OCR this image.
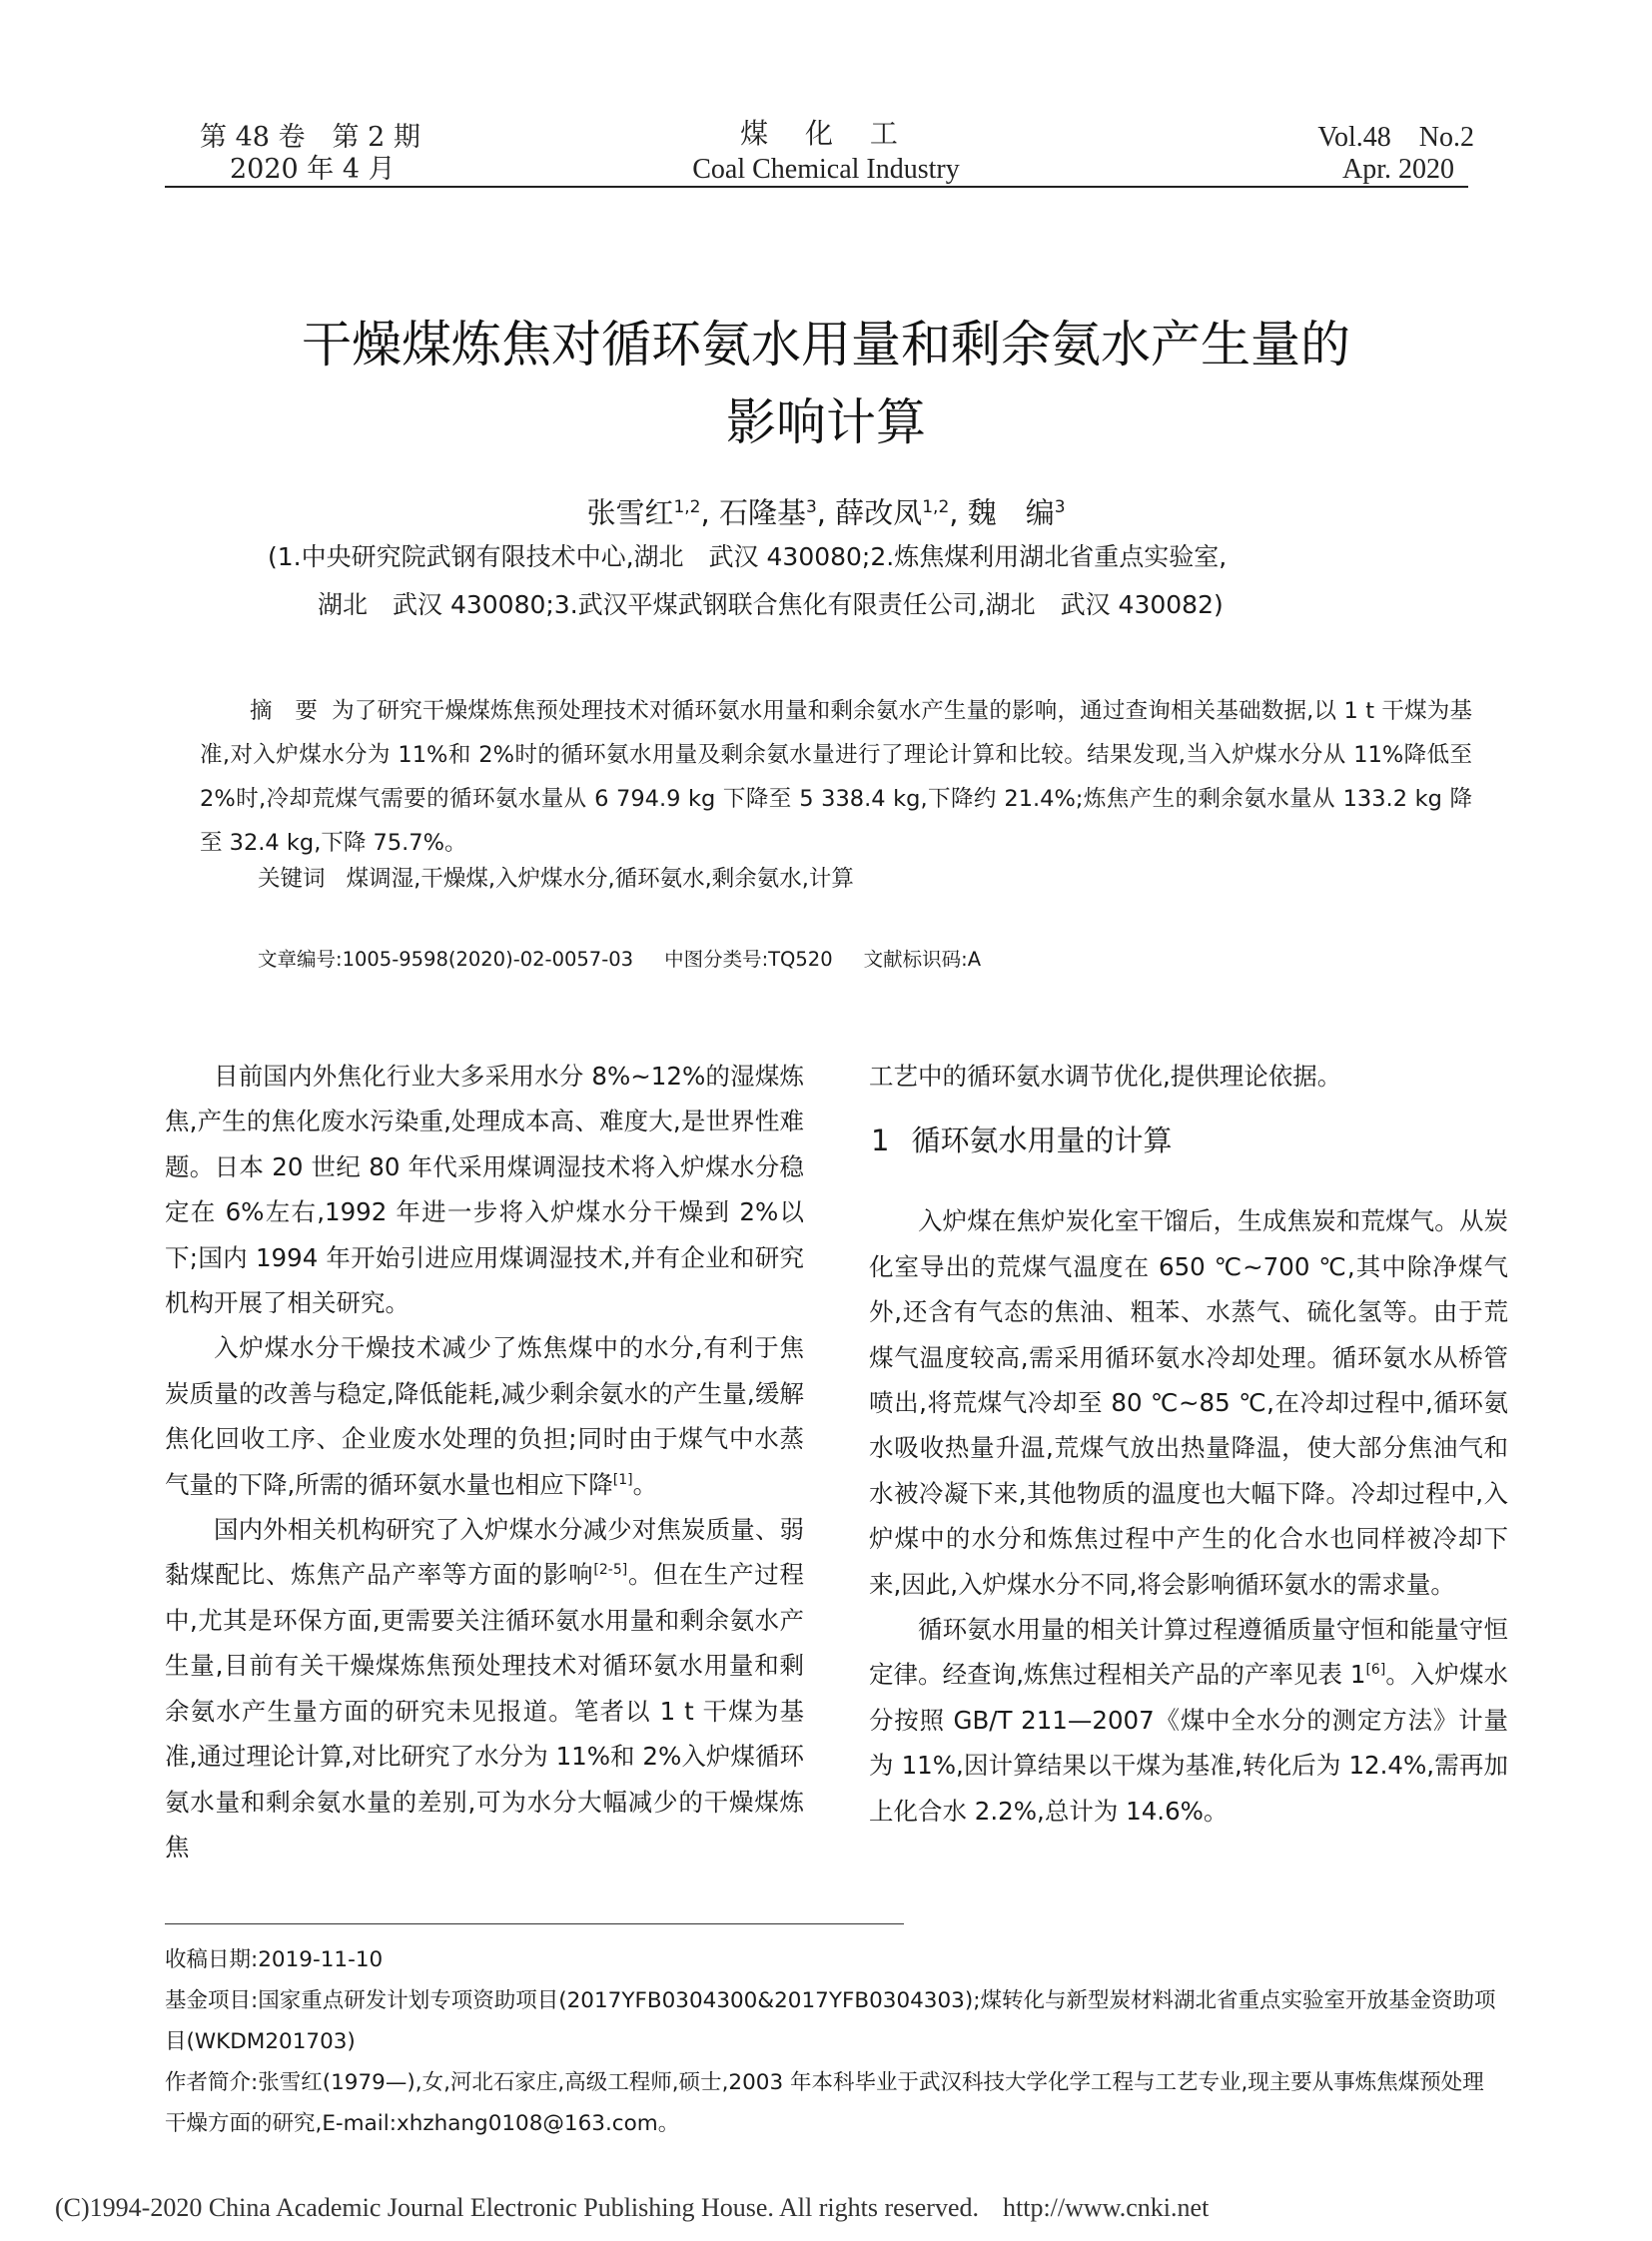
第 48 卷　第 2 期
2020 年 4 月
煤 化 工
Coal Chemical Industry
Vol.48　No.2
Apr. 2020
干燥煤炼焦对循环氨水用量和剩余氨水产生量的
影响计算
张雪红$^{1,2}$, 石隆基$^3$, 薛改凤$^{1,2}$, 魏　编$^3$
(1.中央研究院武钢有限技术中心,湖北　武汉 430080;2.炼焦煤利用湖北省重点实验室,
湖北　武汉 430080;3.武汉平煤武钢联合焦化有限责任公司,湖北　武汉 430082)

摘　要 为了研究干燥煤炼焦预处理技术对循环氨水用量和剩余氨水产生量的影响，通过查询相关基础数据,以 1 t 干煤为基准,对入炉煤水分为 11%和 2%时的循环氨水用量及剩余氨水量进行了理论计算和比较。结果发现,当入炉煤水分从 11%降低至 2%时,冷却荒煤气需要的循环氨水量从 6 794.9 kg 下降至 5 338.4 kg,下降约 21.4%;炼焦产生的剩余氨水量从 133.2 kg 降至 32.4 kg,下降 75.7%。

关键词 煤调湿,干燥煤,入炉煤水分,循环氨水,剩余氨水,计算
文章编号:1005-9598(2020)-02-0057-03 中图分类号:TQ520 文献标识码:A

目前国内外焦化行业大多采用水分 8%~12%的湿煤炼焦,产生的焦化废水污染重,处理成本高、难度大,是世界性难题。日本 20 世纪 80 年代采用煤调湿技术将入炉煤水分稳定在 6%左右,1992 年进一步将入炉煤水分干燥到 2%以下;国内 1994 年开始引进应用煤调湿技术,并有企业和研究机构开展了相关研究。

入炉煤水分干燥技术减少了炼焦煤中的水分,有利于焦炭质量的改善与稳定,降低能耗,减少剩余氨水的产生量,缓解焦化回收工序、企业废水处理的负担;同时由于煤气中水蒸气量的下降,所需的循环氨水量也相应下降[1]。

国内外相关机构研究了入炉煤水分减少对焦炭质量、弱黏煤配比、炼焦产品产率等方面的影响[2-5]。但在生产过程中,尤其是环保方面,更需要关注循环氨水用量和剩余氨水产生量,目前有关干燥煤炼焦预处理技术对循环氨水用量和剩余氨水产生量方面的研究未见报道。笔者以 1 t 干煤为基准,通过理论计算,对比研究了水分为 11%和 2%入炉煤循环氨水量和剩余氨水量的差别,可为水分大幅减少的干燥煤炼焦

工艺中的循环氨水调节优化,提供理论依据。

1 循环氨水用量的计算

入炉煤在焦炉炭化室干馏后，生成焦炭和荒煤气。从炭化室导出的荒煤气温度在 650 ℃~700 ℃,其中除净煤气外,还含有气态的焦油、粗苯、水蒸气、硫化氢等。由于荒煤气温度较高,需采用循环氨水冷却处理。循环氨水从桥管喷出,将荒煤气冷却至 80 ℃~85 ℃,在冷却过程中,循环氨水吸收热量升温,荒煤气放出热量降温，使大部分焦油气和水被冷凝下来,其他物质的温度也大幅下降。冷却过程中,入炉煤中的水分和炼焦过程中产生的化合水也同样被冷却下来,因此,入炉煤水分不同,将会影响循环氨水的需求量。

循环氨水用量的相关计算过程遵循质量守恒和能量守恒定律。经查询,炼焦过程相关产品的产率见表 1[6]。入炉煤水分按照 GB/T 211—2007《煤中全水分的测定方法》计量为 11%,因计算结果以干煤为基准,转化后为 12.4%,需再加上化合水 2.2%,总计为 14.6%。

收稿日期:2019-11-10

基金项目:国家重点研发计划专项资助项目(2017YFB0304300&2017YFB0304303);煤转化与新型炭材料湖北省重点实验室开放基金资助项目(WKDM201703)

作者简介:张雪红(1979—),女,河北石家庄,高级工程师,硕士,2003 年本科毕业于武汉科技大学化学工程与工艺专业,现主要从事炼焦煤预处理干燥方面的研究,E-mail:xhzhang0108@163.com。

(C)1994-2020 China Academic Journal Electronic Publishing House. All rights reserved. http://www.cnki.net
